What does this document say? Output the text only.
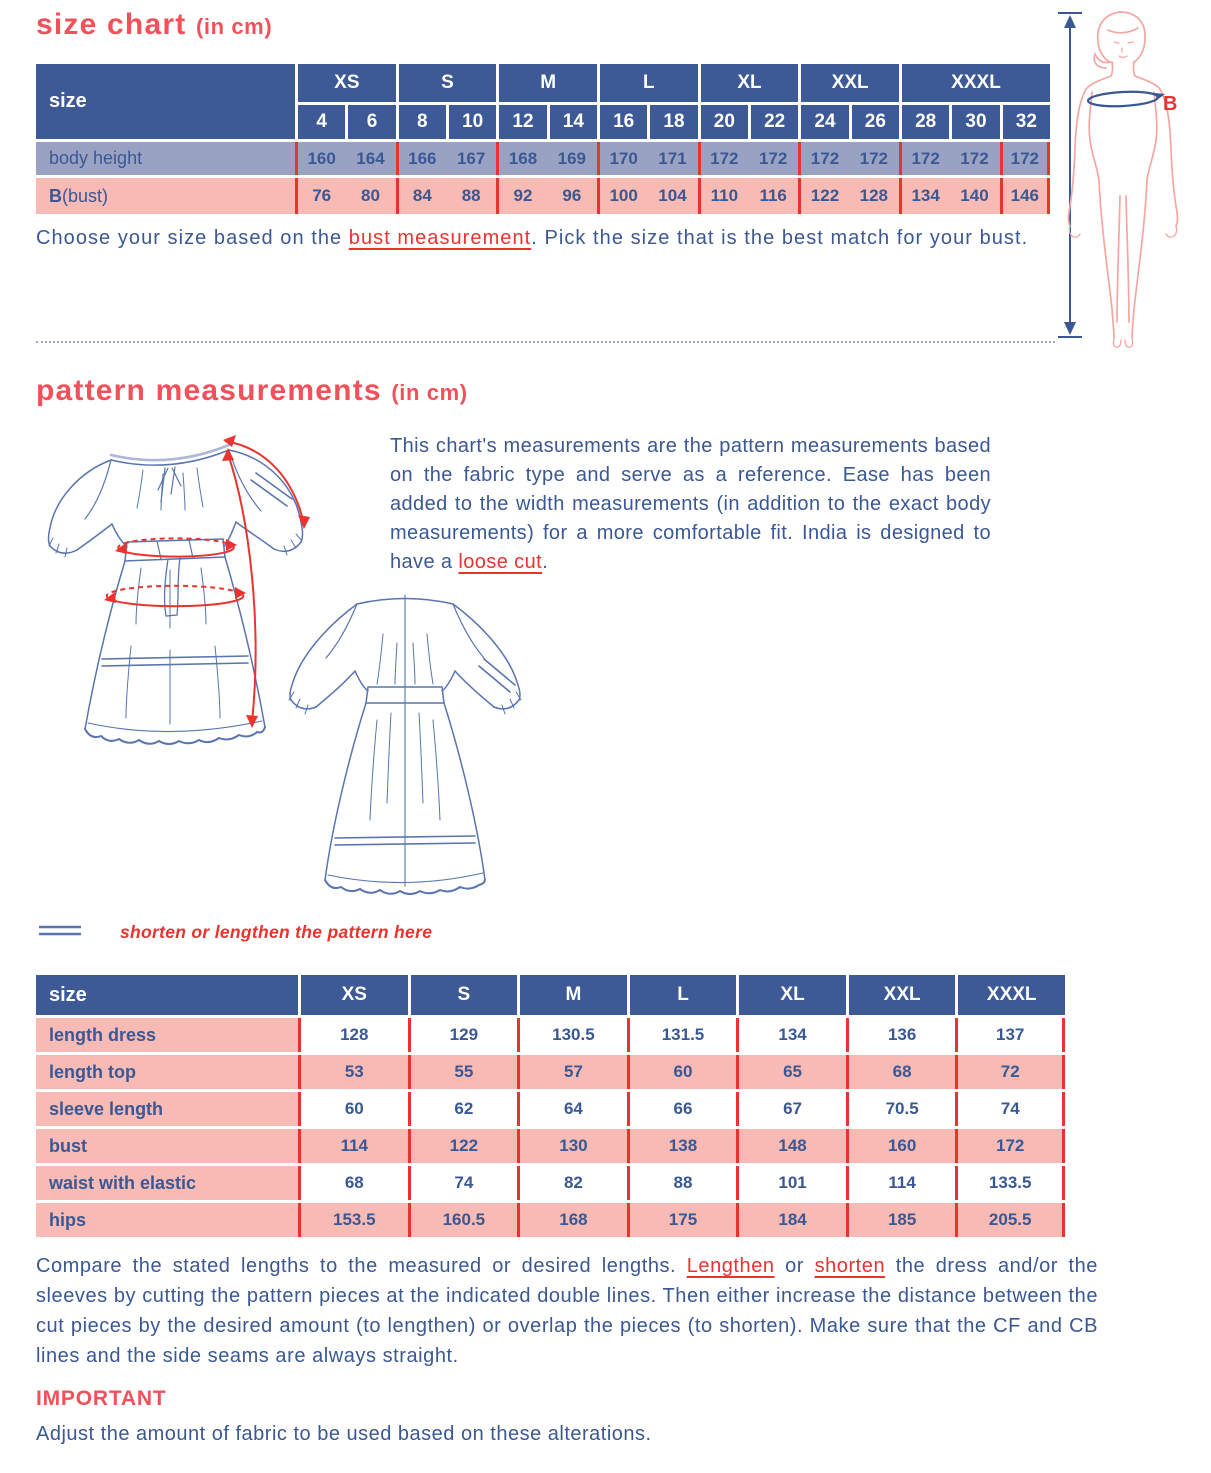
size chart (in cm)
size
XS	S	M	L	XL	XXL	XXXL
4	6	8	10	12	14	16	18	20	22	24	26	28	30	32
body height	160	164	166	167	168	169	170	171	172	172	172	172	172	172	172
B (bust)	76	80	84	88	92	96	100	104	110	116	122	128	134	140	146
B
Choose your size based on the bust measurement. Pick the size that is the best match for your bust.
pattern measurements (in cm)
This chart's measurements are the pattern measurements based on the fabric type and serve as a reference. Ease has been added to the width measurements (in addition to the exact body measurements) for a more comfortable fit. India is designed to have a loose cut.
shorten or lengthen the pattern here
size	XS	S	M	L	XL	XXL	XXXL
length dress	128	129	130.5	131.5	134	136	137
length top	53	55	57	60	65	68	72
sleeve length	60	62	64	66	67	70.5	74
bust	114	122	130	138	148	160	172
waist with elastic	68	74	82	88	101	114	133.5
hips	153.5	160.5	168	175	184	185	205.5
Compare the stated lengths to the measured or desired lengths. Lengthen or shorten the dress and/or the sleeves by cutting the pattern pieces at the indicated double lines. Then either increase the distance between the cut pieces by the desired amount (to lengthen) or overlap the pieces (to shorten). Make sure that the CF and CB lines and the side seams are always straight.
IMPORTANT
Adjust the amount of fabric to be used based on these alterations.
